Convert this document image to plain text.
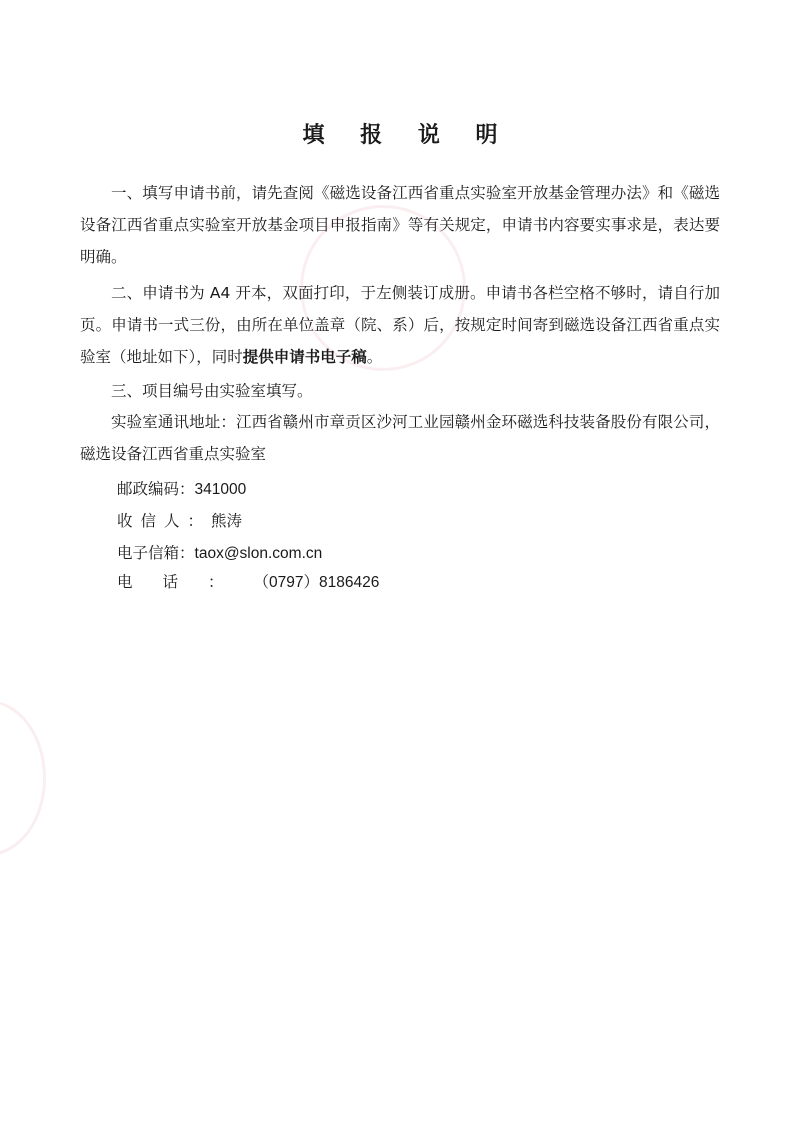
填 报 说 明

一、填写申请书前，请先查阅《磁选设备江西省重点实验室开放基金管理办法》和《磁选设备江西省重点实验室开放基金项目申报指南》等有关规定，申请书内容要实事求是，表达要明确。

二、申请书为 A4 开本，双面打印，于左侧装订成册。申请书各栏空格不够时，请自行加页。申请书一式三份，由所在单位盖章（院、系）后，按规定时间寄到磁选设备江西省重点实验室（地址如下），同时提供申请书电子稿。

三、项目编号由实验室填写。

实验室通讯地址：江西省赣州市章贡区沙河工业园赣州金环磁选科技装备股份有限公司，磁选设备江西省重点实验室

邮政编码：341000
收信人：熊涛
电子信箱：taox@slon.com.cn
电话：（0797）8186426
